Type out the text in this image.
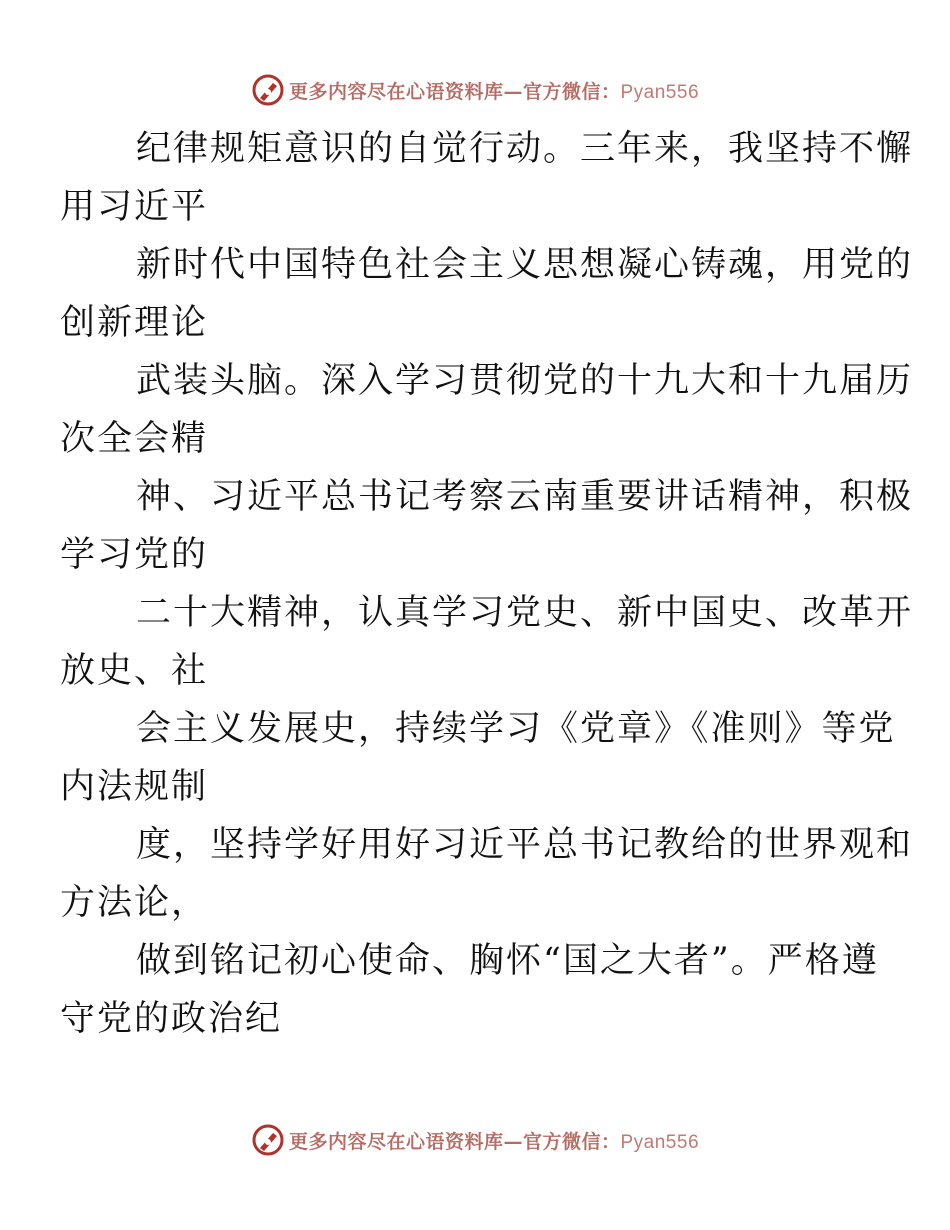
更多内容尽在心语资料库—官方微信：Pyan556

纪律规矩意识的自觉行动。三年来，我坚持不懈
用习近平

新时代中国特色社会主义思想凝心铸魂，用党的
创新理论

武装头脑。深入学习贯彻党的十九大和十九届历
次全会精

神、习近平总书记考察云南重要讲话精神，积极
学习党的

二十大精神，认真学习党史、新中国史、改革开
放史、社

会主义发展史，持续学习《党章》《准则》等党
内法规制

度，坚持学好用好习近平总书记教给的世界观和
方法论，

做到铭记初心使命、胸怀“国之大者”。严格遵
守党的政治纪

更多内容尽在心语资料库—官方微信：Pyan556
